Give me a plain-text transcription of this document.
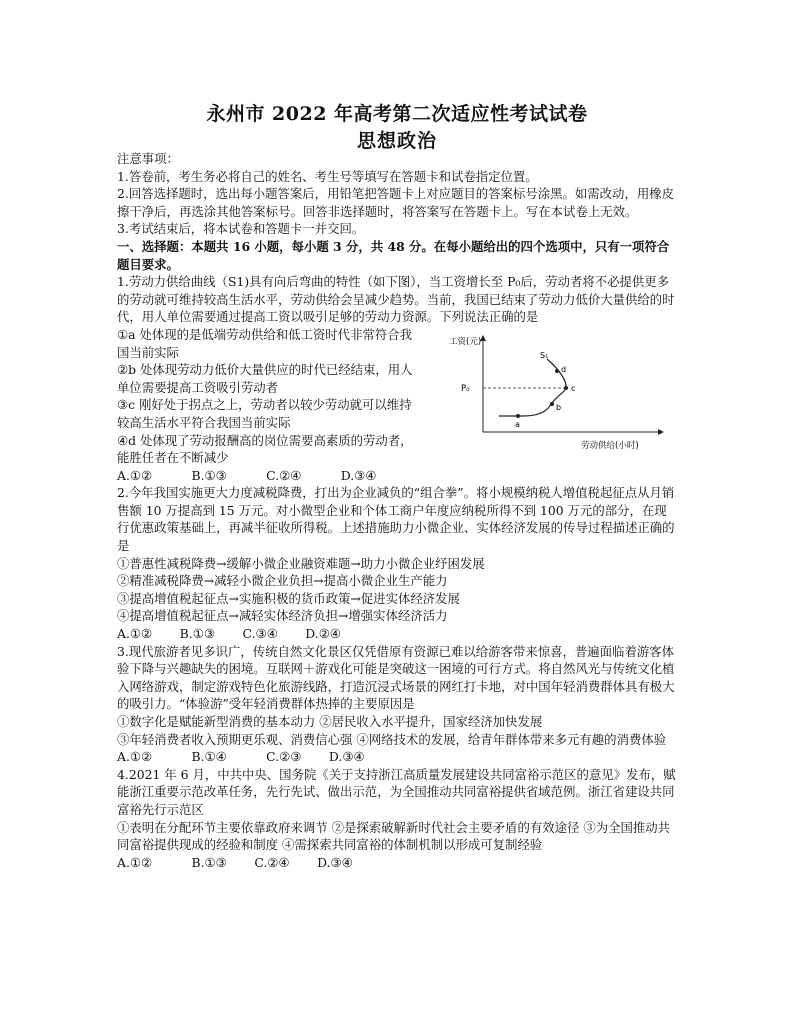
永州市 2022 年高考第二次适应性考试试卷
思想政治

注意事项：

1.答卷前，考生务必将自己的姓名、考生号等填写在答题卡和试卷指定位置。

2.回答选择题时，选出每小题答案后，用铅笔把答题卡上对应题目的答案标号涂黑。如需改动，用橡皮擦干净后，再选涂其他答案标号。回答非选择题时，将答案写在答题卡上。写在本试卷上无效。

3.考试结束后，将本试卷和答题卡一并交回。

一、选择题：本题共 16 小题，每小题 3 分，共 48 分。在每小题给出的四个选项中，只有一项符合题目要求。

1.劳动力供给曲线（S1)具有向后弯曲的特性（如下图），当工资增长至 P₀后，劳动者将不必提供更多的劳动就可维持较高生活水平，劳动供给会呈减少趋势。当前，我国已结束了劳动力低价大量供给的时代，用人单位需要通过提高工资以吸引足够的劳动力资源。下列说法正确的是

①a 处体现的是低端劳动供给和低工资时代非常符合我国当前实际

②b 处体现劳动力低价大量供应的时代已经结束，用人单位需要提高工资吸引劳动者

③c 刚好处于拐点之上，劳动者以较少劳动就可以维持较高生活水平符合我国当前实际

④d 处体现了劳动报酬高的岗位需要高素质的劳动者，能胜任者在不断减少

工资(元)
劳动供给(小时)
P₀
S₁
a
b
c
d

A.①②          B.①③          C.②④          D.③④

2.今年我国实施更大力度减税降费，打出为企业减负的“组合拳”。将小规模纳税人增值税起征点从月销售额 10 万提高到 15 万元。对小微型企业和个体工商户年度应纳税所得不到 100 万元的部分，在现行优惠政策基础上，再减半征收所得税。上述措施助力小微企业、实体经济发展的传导过程描述正确的是

①普惠性减税降费→缓解小微企业融资难题→助力小微企业纾困发展

②精准减税降费→减轻小微企业负担→提高小微企业生产能力

③提高增值税起征点→实施积极的货币政策→促进实体经济发展

④提高增值税起征点→减轻实体经济负担→增强实体经济活力

A.①②       B.①③       C.③④       D.②④

3.现代旅游者见多识广，传统自然文化景区仅凭借原有资源已难以给游客带来惊喜，普遍面临着游客体验下降与兴趣缺失的困境。互联网＋游戏化可能是突破这一困境的可行方式。将自然风光与传统文化植入网络游戏，制定游戏特色化旅游线路，打造沉浸式场景的网红打卡地，对中国年轻消费群体具有极大的吸引力。“体验游”受年轻消费群体热捧的主要原因是

①数字化是赋能新型消费的基本动力 ②居民收入水平提升，国家经济加快发展

③年轻消费者收入预期更乐观、消费信心强 ④网络技术的发展，给青年群体带来多元有趣的消费体验

A.①②          B.①④          C.②③       D.③④

4.2021 年 6 月，中共中央、国务院《关于支持浙江高质量发展建设共同富裕示范区的意见》发布，赋能浙江重要示范改革任务，先行先试、做出示范，为全国推动共同富裕提供省域范例。浙江省建设共同富裕先行示范区

①表明在分配环节主要依靠政府来调节 ②是探索破解新时代社会主要矛盾的有效途径 ③为全国推动共同富裕提供现成的经验和制度 ④需探索共同富裕的体制机制以形成可复制经验

A.①②          B.①③       C.②④       D.③④
